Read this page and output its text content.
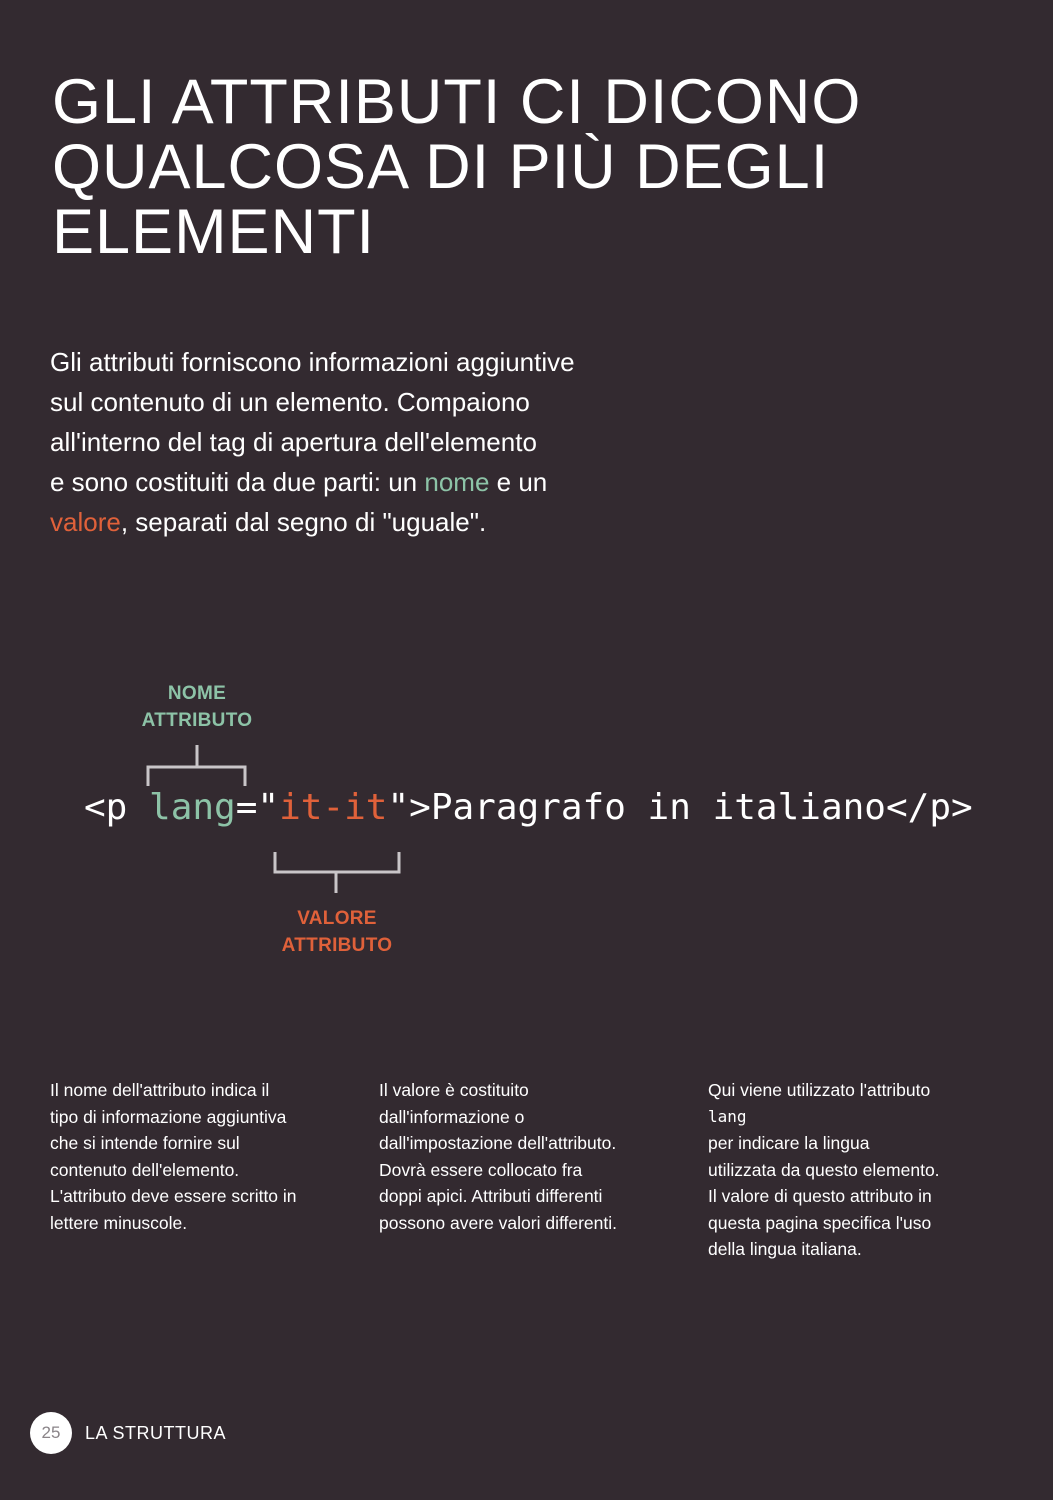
GLI ATTRIBUTI CI DICONO
QUALCOSA DI PIÙ DEGLI
ELEMENTI

Gli attributi forniscono informazioni aggiuntive
sul contenuto di un elemento. Compaiono
all'interno del tag di apertura dell'elemento
e sono costituiti da due parti: un nome e un
valore, separati dal segno di "uguale".

NOME
ATTRIBUTO
<p lang="it-it">Paragrafo in italiano</p>
VALORE
ATTRIBUTO
Il nome dell'attributo indica il
tipo di informazione aggiuntiva
che si intende fornire sul
contenuto dell'elemento.
L'attributo deve essere scritto in
lettere minuscole.
Il valore è costituito
dall'informazione o
dall'impostazione dell'attributo.
Dovrà essere collocato fra
doppi apici. Attributi differenti
possono avere valori differenti.
Qui viene utilizzato l'attributo
lang
per indicare la lingua
utilizzata da questo elemento.
Il valore di questo attributo in
questa pagina specifica l'uso
della lingua italiana.
25 LA STRUTTURA
